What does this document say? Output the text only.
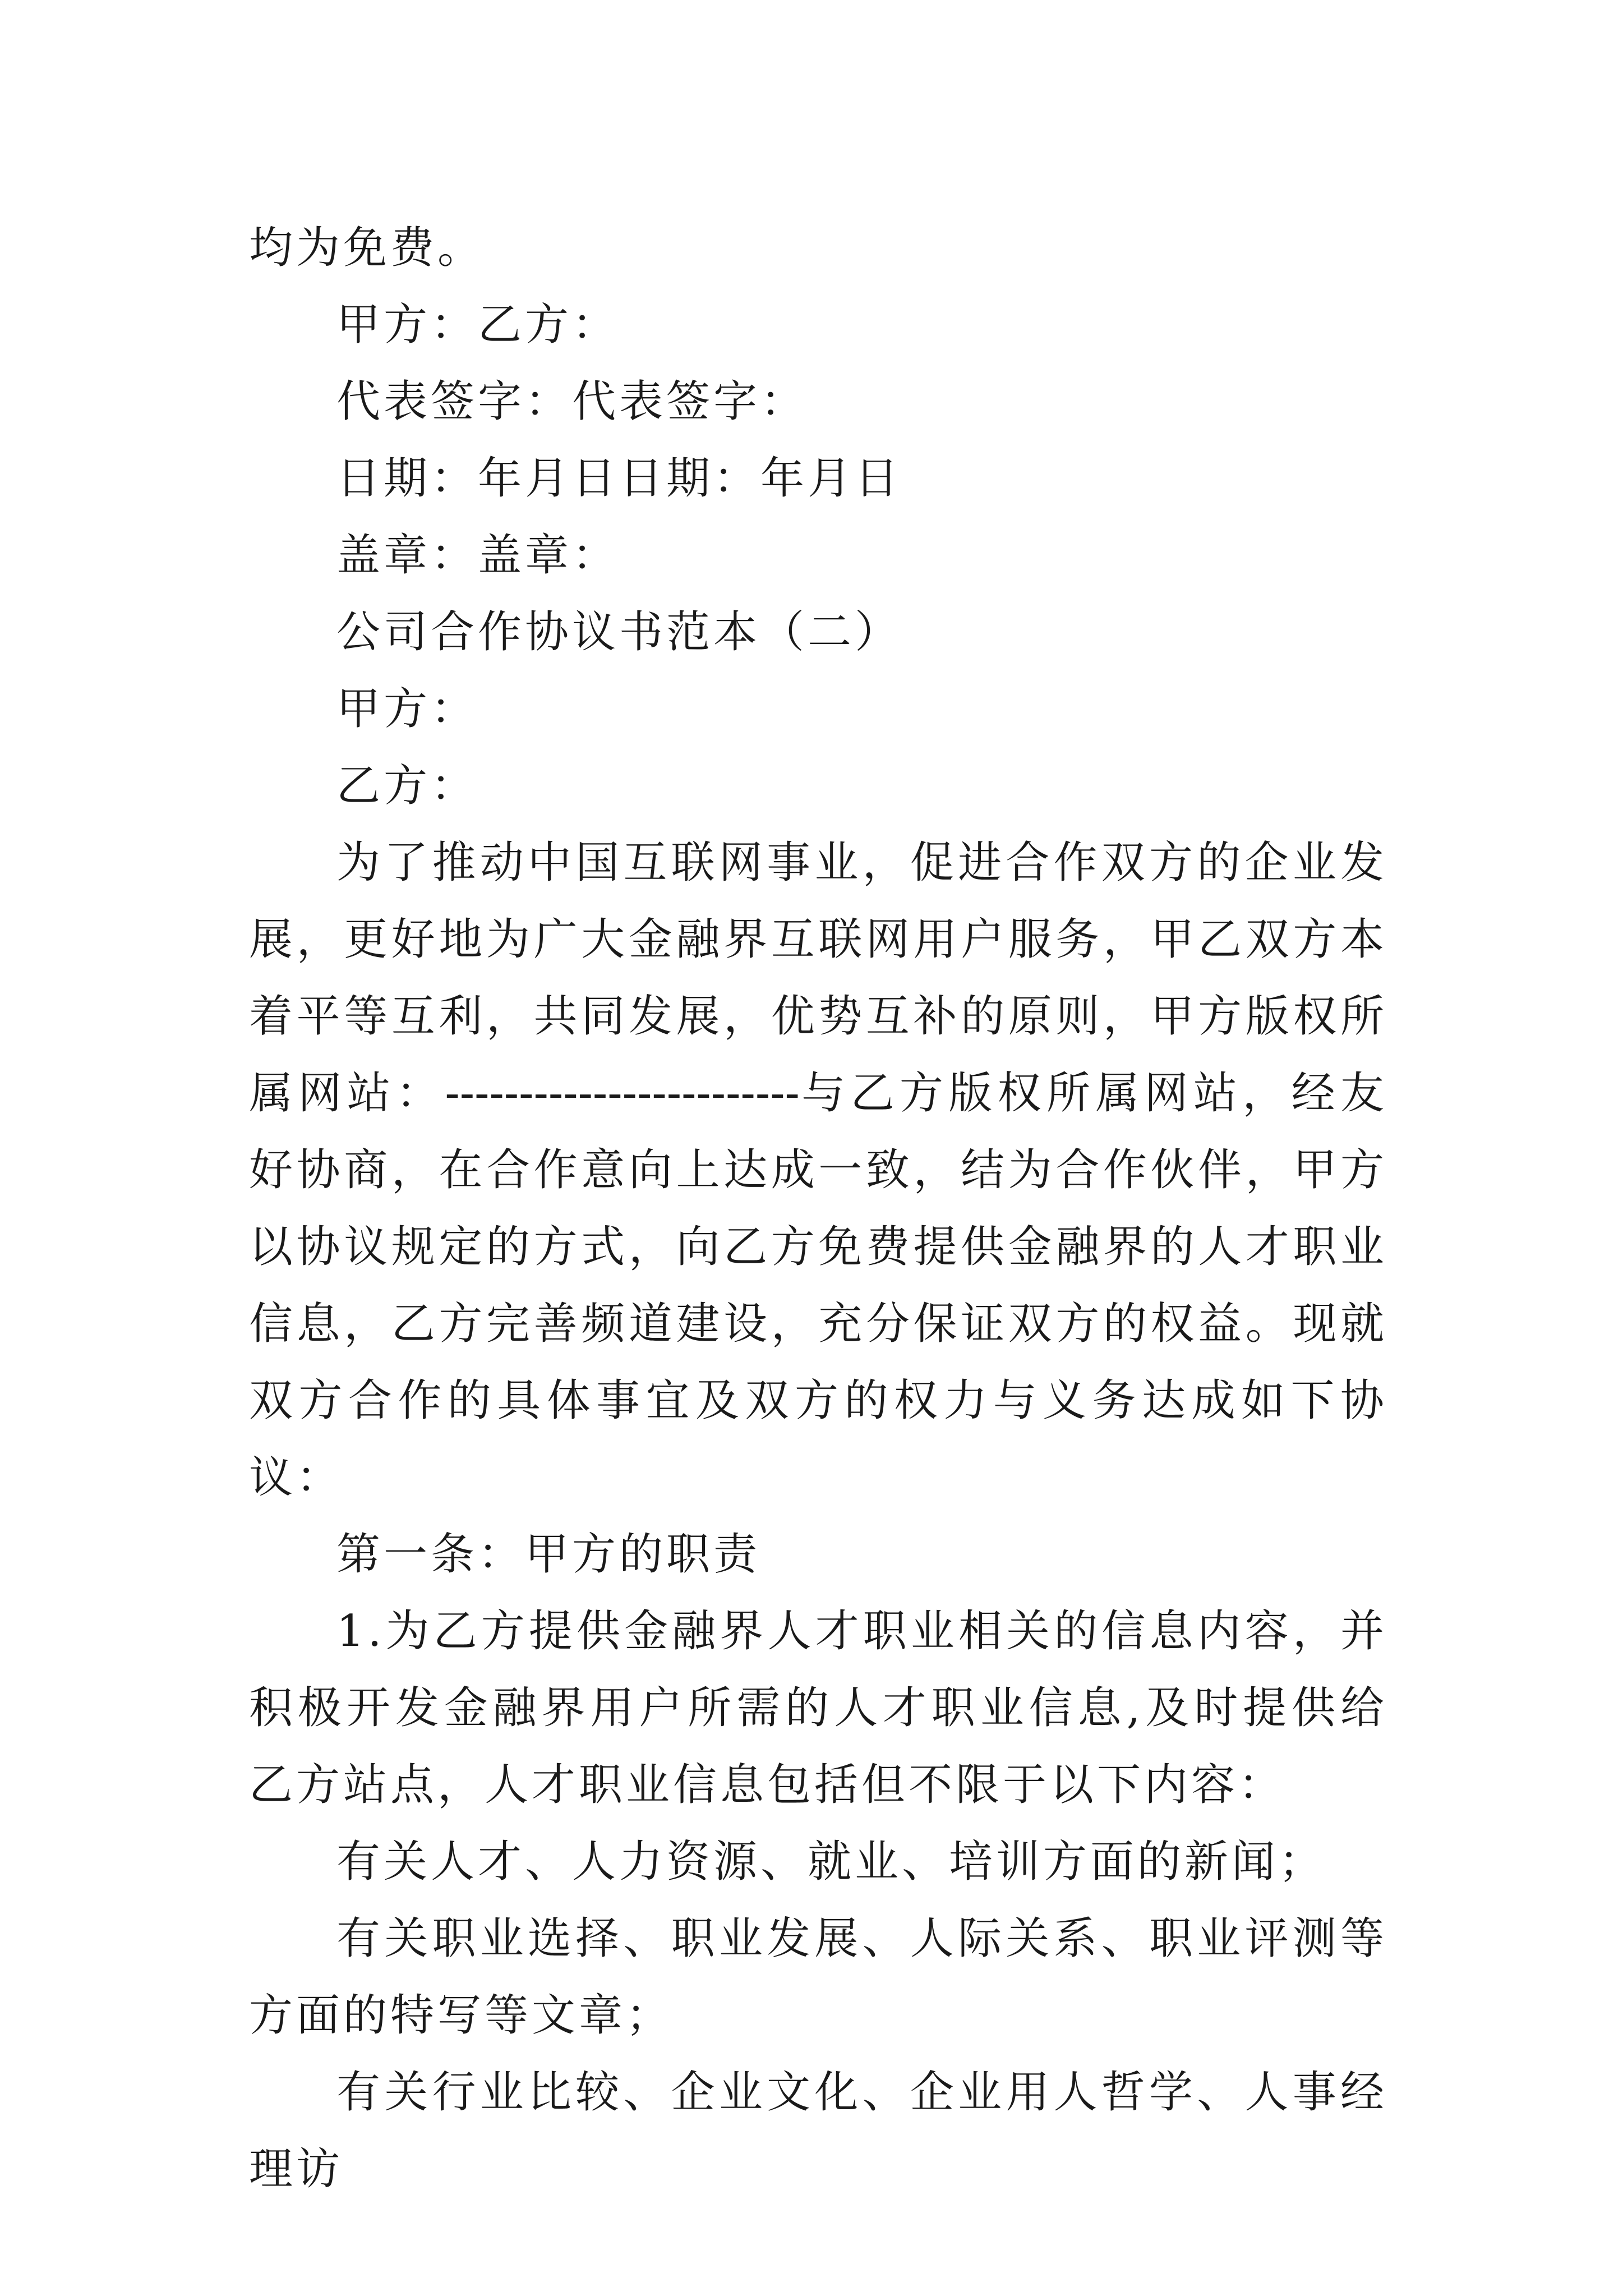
均为免费。

甲方：乙方：

代表签字：代表签字：

日期：年月日日期：年月日

盖章：盖章：

公司合作协议书范本（二）

甲方：

乙方：

为了推动中国互联网事业，促进合作双方的企业发展，更好地为广大金融界互联网用户服务，甲乙双方本着平等互利，共同发展，优势互补的原则，甲方版权所属网站：------------------------与乙方版权所属网站，经友好协商，在合作意向上达成一致，结为合作伙伴，甲方以协议规定的方式，向乙方免费提供金融界的人才职业信息，乙方完善频道建设，充分保证双方的权益。现就双方合作的具体事宜及双方的权力与义务达成如下协议：

第一条：甲方的职责

1.为乙方提供金融界人才职业相关的信息内容，并积极开发金融界用户所需的人才职业信息,及时提供给乙方站点，人才职业信息包括但不限于以下内容：

有关人才、人力资源、就业、培训方面的新闻；

有关职业选择、职业发展、人际关系、职业评测等方面的特写等文章；

有关行业比较、企业文化、企业用人哲学、人事经理访
